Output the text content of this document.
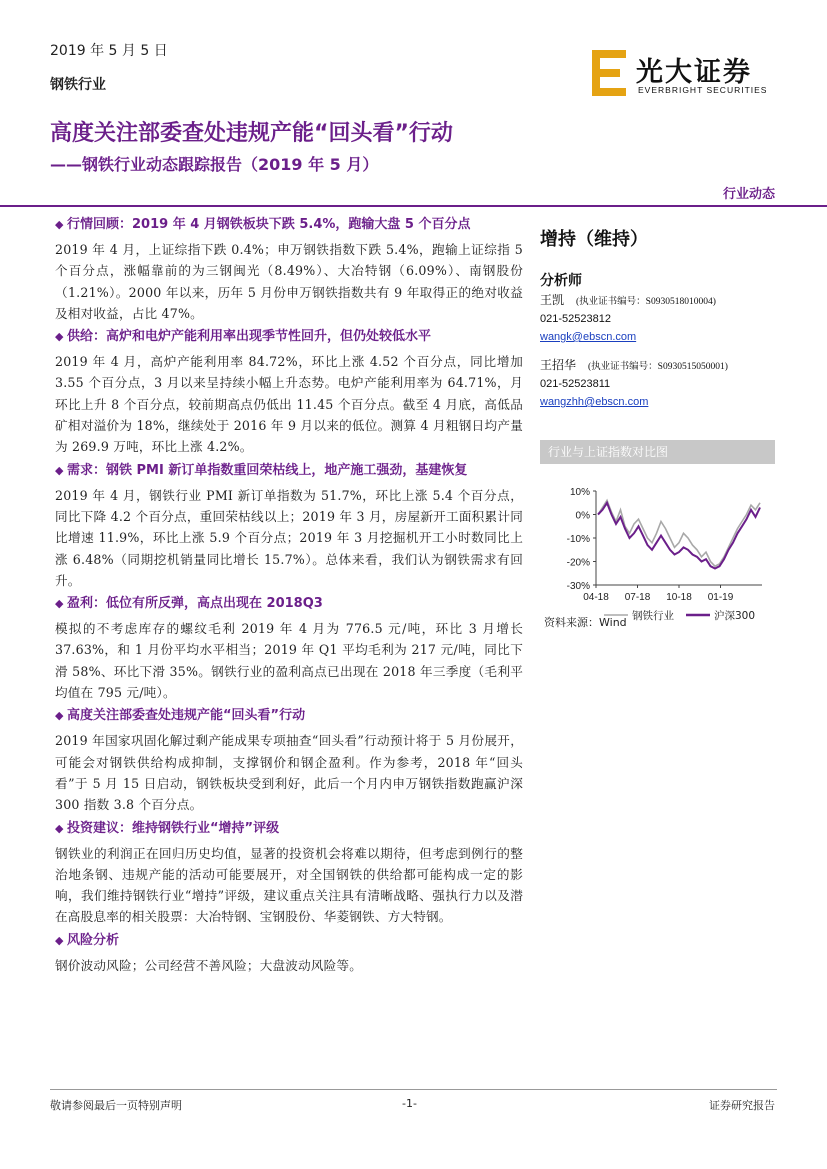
2019 年 5 月 5 日
钢铁行业	光大证券
EVERBRIGHT SECURITIES
高度关注部委查处违规产能“回头看”行动
——钢铁行业动态跟踪报告（2019 年 5 月）
行业动态
◆ 行情回顾：2019 年 4 月钢铁板块下跌 5.4%，跑输大盘 5 个百分点

2019 年 4 月，上证综指下跌 0.4%；申万钢铁指数下跌 5.4%，跑输上证综指 5 个百分点，涨幅靠前的为三钢闽光（8.49%）、大冶特钢（6.09%）、南钢股份（1.21%）。2000 年以来，历年 5 月份申万钢铁指数共有 9 年取得正的绝对收益及相对收益，占比 47%。

◆ 供给：高炉和电炉产能利用率出现季节性回升，但仍处较低水平

2019 年 4 月，高炉产能利用率 84.72%，环比上涨 4.52 个百分点，同比增加 3.55 个百分点，3 月以来呈持续小幅上升态势。电炉产能利用率为 64.71%，月环比上升 8 个百分点，较前期高点仍低出 11.45 个百分点。截至 4 月底，高低品矿相对溢价为 18%，继续处于 2016 年 9 月以来的低位。测算 4 月粗钢日均产量为 269.9 万吨，环比上涨 4.2%。

◆ 需求：钢铁 PMI 新订单指数重回荣枯线上，地产施工强劲，基建恢复

2019 年 4 月，钢铁行业 PMI 新订单指数为 51.7%，环比上涨 5.4 个百分点，同比下降 4.2 个百分点，重回荣枯线以上；2019 年 3 月，房屋新开工面积累计同比增速 11.9%，环比上涨 5.9 个百分点；2019 年 3 月挖掘机开工小时数同比上涨 6.48%（同期挖机销量同比增长 15.7%）。总体来看，我们认为钢铁需求有回升。

◆ 盈利：低位有所反弹，高点出现在 2018Q3

模拟的不考虑库存的螺纹毛利 2019 年 4 月为 776.5 元/吨，环比 3 月增长 37.63%，和 1 月份平均水平相当；2019 年 Q1 平均毛利为 217 元/吨，同比下滑 58%、环比下滑 35%。钢铁行业的盈利高点已出现在 2018 年三季度（毛利平均值在 795 元/吨）。

◆ 高度关注部委查处违规产能“回头看”行动

2019 年国家巩固化解过剩产能成果专项抽查“回头看”行动预计将于 5 月份展开，可能会对钢铁供给构成抑制，支撑钢价和钢企盈利。作为参考，2018 年“回头看”于 5 月 15 日启动，钢铁板块受到利好，此后一个月内申万钢铁指数跑赢沪深 300 指数 3.8 个百分点。

◆ 投资建议：维持钢铁行业“增持”评级

钢铁业的利润正在回归历史均值，显著的投资机会将难以期待，但考虑到例行的整治地条钢、违规产能的活动可能要展开，对全国钢铁的供给都可能构成一定的影响，我们维持钢铁行业“增持”评级，建议重点关注具有清晰战略、强执行力以及潜在高股息率的相关股票：大冶特钢、宝钢股份、华菱钢铁、方大特钢。

◆ 风险分析

钢价波动风险；公司经营不善风险；大盘波动风险等。

增持（维持）
分析师
王凯 (执业证书编号：S0930518010004)
021-52523812
wangk@ebscn.com
王招华 (执业证书编号：S0930515050001)
021-52523811
wangzhh@ebscn.com
行业与上证指数对比图
10%
0%
-10%
-20%
-30%
04-18 07-18 10-18 01-19
钢铁行业	沪深300
资料来源：Wind
敬请参阅最后一页特别声明	-1-	证券研究报告
